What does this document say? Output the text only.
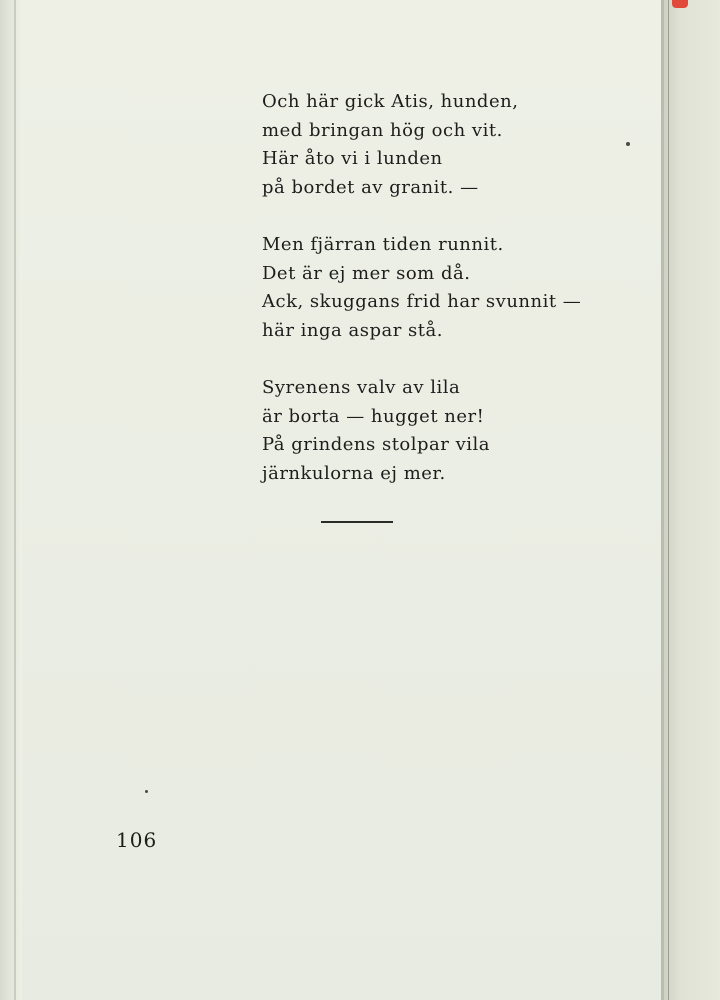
Och här gick Atis, hunden,
med bringan hög och vit.
Här åto vi i lunden
på bordet av granit. —
Men fjärran tiden runnit.
Det är ej mer som då.
Ack, skuggans frid har svunnit —
här inga aspar stå.
Syrenens valv av lila
är borta — hugget ner!
På grindens stolpar vila
järnkulorna ej mer.
106
